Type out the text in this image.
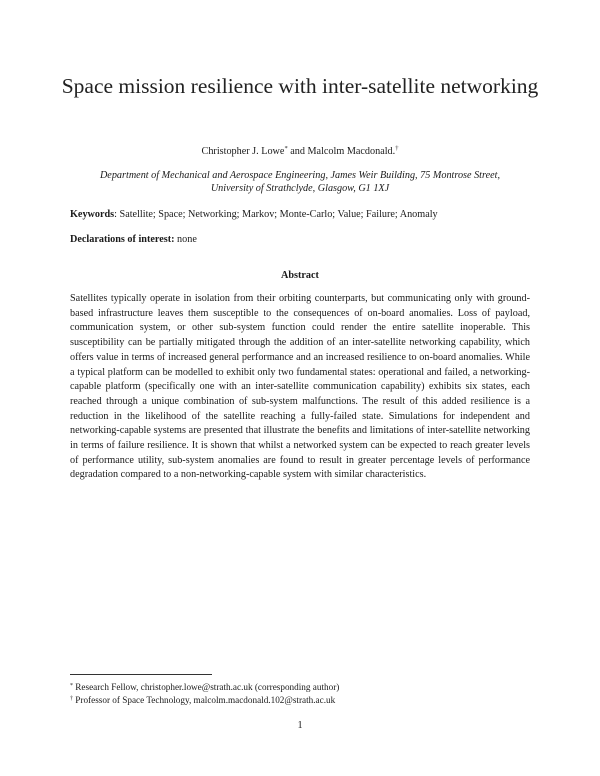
Space mission resilience with inter-satellite networking
Christopher J. Lowe* and Malcolm Macdonald.†
Department of Mechanical and Aerospace Engineering, James Weir Building, 75 Montrose Street,
University of Strathclyde, Glasgow, G1 1XJ
Keywords: Satellite; Space; Networking; Markov; Monte-Carlo; Value; Failure; Anomaly
Declarations of interest: none
Abstract
Satellites typically operate in isolation from their orbiting counterparts, but communicating only with ground-based infrastructure leaves them susceptible to the consequences of on-board anomalies. Loss of payload, communication system, or other sub-system function could render the entire satellite inoperable. This susceptibility can be partially mitigated through the addition of an inter-satellite networking capability, which offers value in terms of increased general performance and an increased resilience to on-board anomalies. While a typical platform can be modelled to exhibit only two fundamental states: operational and failed, a networking-capable platform (specifically one with an inter-satellite communication capability) exhibits six states, each reached through a unique combination of sub-system malfunctions. The result of this added resilience is a reduction in the likelihood of the satellite reaching a fully-failed state. Simulations for independent and networking-capable systems are presented that illustrate the benefits and limitations of inter-satellite networking in terms of failure resilience. It is shown that whilst a networked system can be expected to reach greater levels of performance utility, sub-system anomalies are found to result in greater percentage levels of performance degradation compared to a non-networking-capable system with similar characteristics.
* Research Fellow, christopher.lowe@strath.ac.uk (corresponding author)
† Professor of Space Technology, malcolm.macdonald.102@strath.ac.uk
1
